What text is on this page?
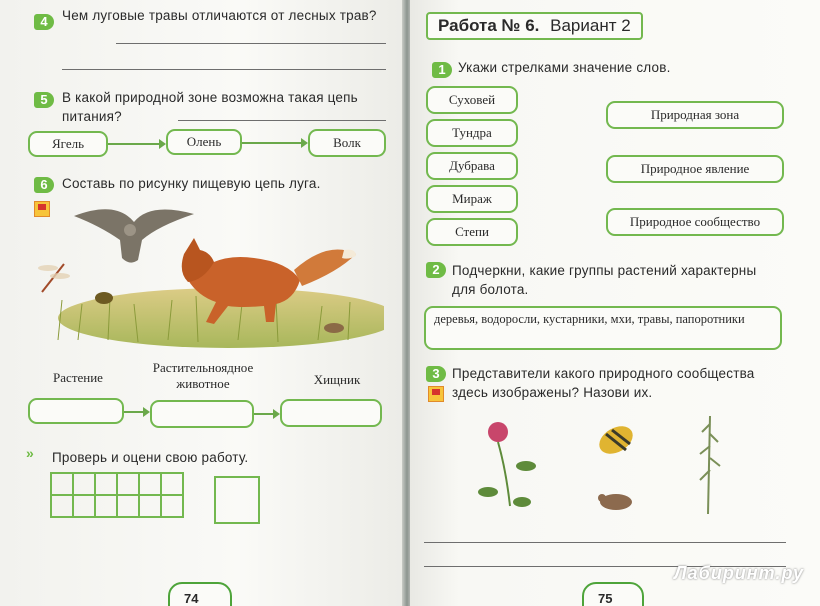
4	Чем луговые травы отличаются от лесных трав?
5	В какой природной зоне возможна такая цепь питания?
Ягель	Олень	Волк
6	Составь по рисунку пищевую цепь луга.
Растение
Растительноядное животное	Хищник
» Проверь и оцени свою работу.

74
Работа № 6. Вариант 2
1 Укажи стрелками значение слов.
Суховей
Тундра
Дубрава
Мираж
Степи
Природная зона
Природное явление
Природное сообщество
2 Подчеркни, какие группы растений характерны для болота.
деревья, водоросли, кустарники, мхи, травы, папоротники
3 Представители какого природного сообщества здесь изображены? Назови их.
75
Лабиринт.ру
